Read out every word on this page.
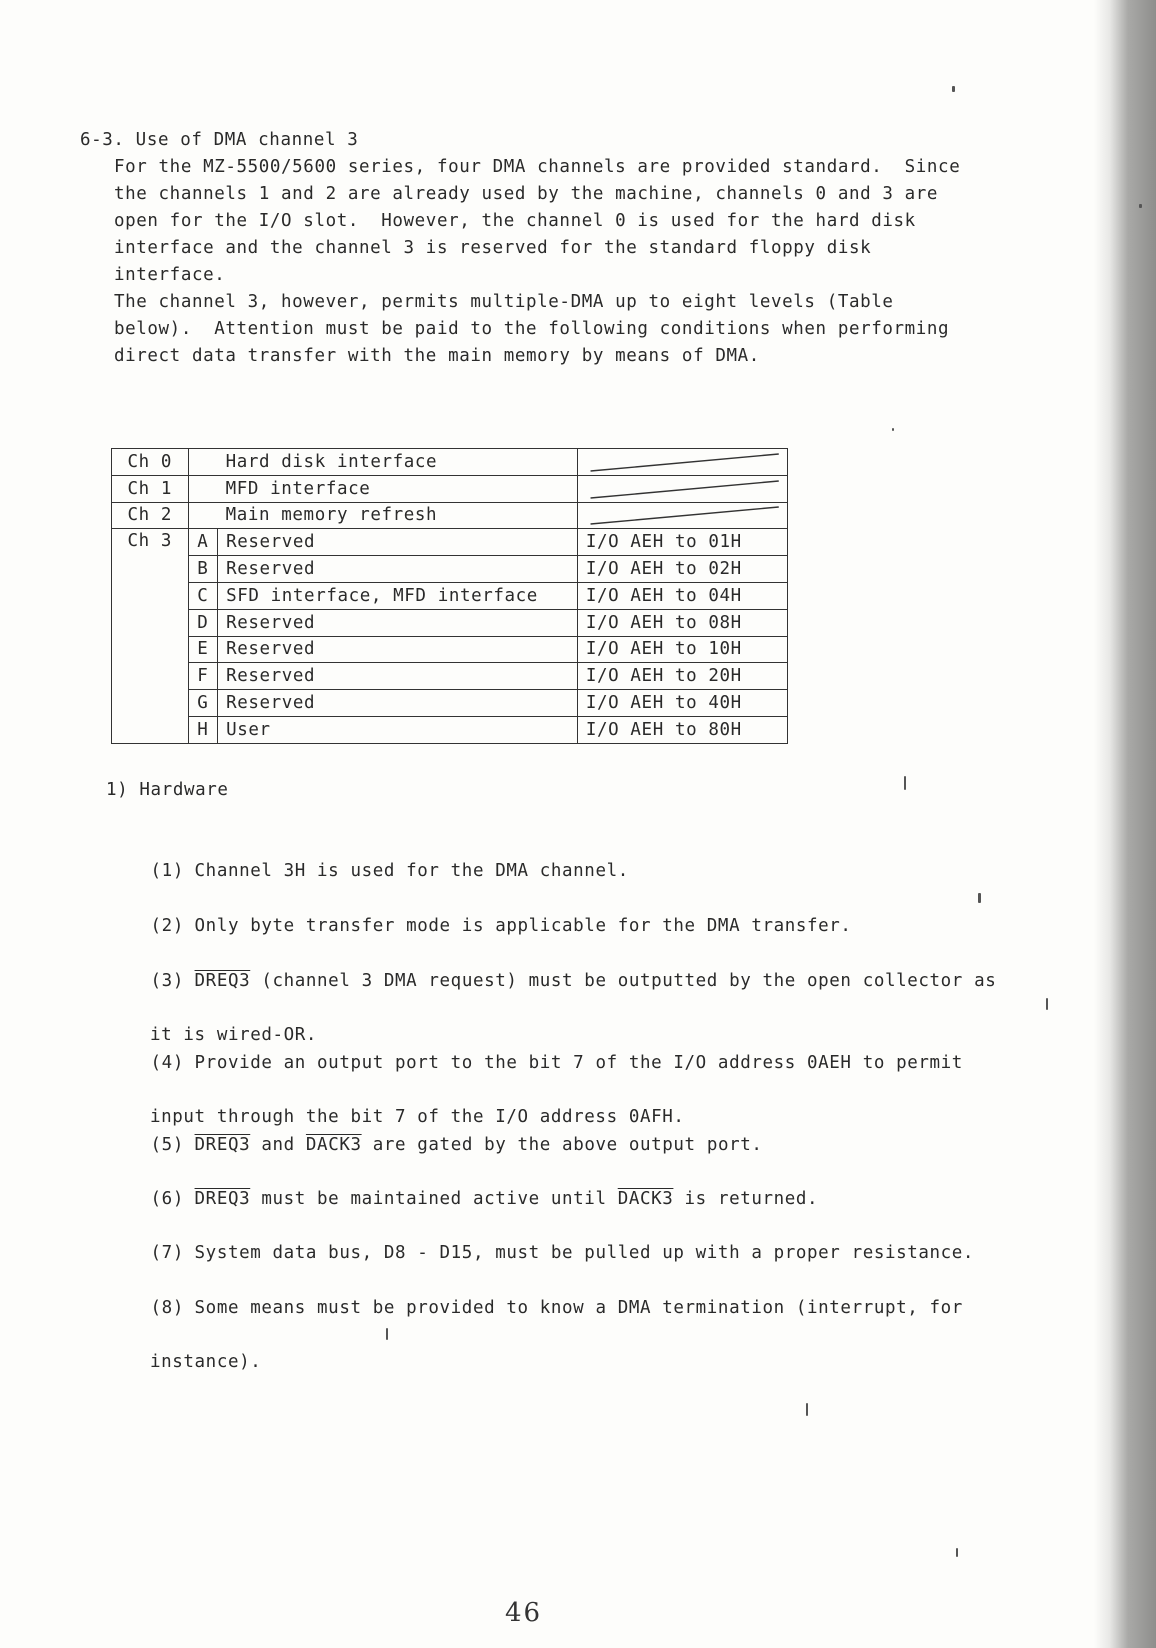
6-3. Use of DMA channel 3
For the MZ-5500/5600 series, four DMA channels are provided standard.  Since
the channels 1 and 2 are already used by the machine, channels 0 and 3 are
open for the I/O slot.  However, the channel 0 is used for the hard disk
interface and the channel 3 is reserved for the standard floppy disk
interface.
The channel 3, however, permits multiple-DMA up to eight levels (Table
below).  Attention must be paid to the following conditions when performing
direct data transfer with the main memory by means of DMA.
Ch 0		Hard disk interface	

Ch 1		MFD interface	

Ch 2		Main memory refresh	

Ch 3	A	Reserved	I/O AEH to 01H
	B	Reserved	I/O AEH to 02H
	C	SFD interface, MFD interface	I/O AEH to 04H
	D	Reserved	I/O AEH to 08H
	E	Reserved	I/O AEH to 10H
	F	Reserved	I/O AEH to 20H
	G	Reserved	I/O AEH to 40H
	H	User	I/O AEH to 80H
1) Hardware

(1) Channel 3H is used for the DMA channel.

(2) Only byte transfer mode is applicable for the DMA transfer.

(3) DREQ3 (channel 3 DMA request) must be outputted by the open collector as

it is wired-OR.

(4) Provide an output port to the bit 7 of the I/O address 0AEH to permit

input through the bit 7 of the I/O address 0AFH.

(5) DREQ3 and DACK3 are gated by the above output port.

(6) DREQ3 must be maintained active until DACK3 is returned.

(7) System data bus, D8 - D15, must be pulled up with a proper resistance.

(8) Some means must be provided to know a DMA termination (interrupt, for

instance).

46
